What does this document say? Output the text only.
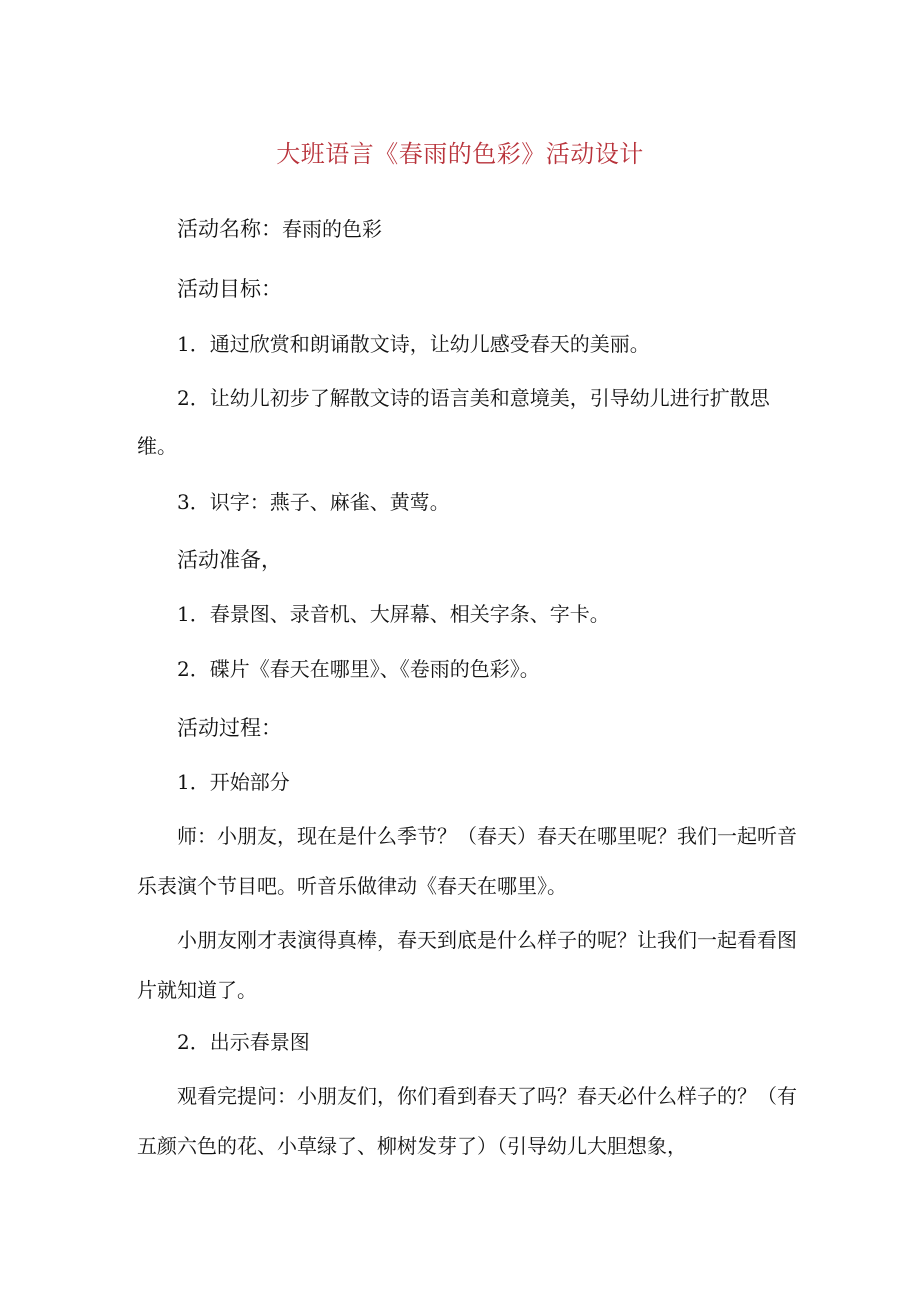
大班语言《春雨的色彩》活动设计
活动名称：春雨的色彩
活动目标：
1．通过欣赏和朗诵散文诗，让幼儿感受春天的美丽。
2．让幼儿初步了解散文诗的语言美和意境美，引导幼儿进行扩散思
维。
3．识字：燕子、麻雀、黄莺。
活动准备，
1．春景图、录音机、大屏幕、相关字条、字卡。
2．碟片《春天在哪里》、《卷雨的色彩》。
活动过程：
1．开始部分
师：小朋友，现在是什么季节？（春天）春天在哪里呢？我们一起听音
乐表演个节目吧。听音乐做律动《春天在哪里》。
小朋友刚才表演得真棒，春天到底是什么样子的呢？让我们一起看看图
片就知道了。
2．出示春景图
观看完提问：小朋友们，你们看到春天了吗？春天必什么样子的？（有
五颜六色的花、小草绿了、柳树发芽了）（引导幼儿大胆想象，
